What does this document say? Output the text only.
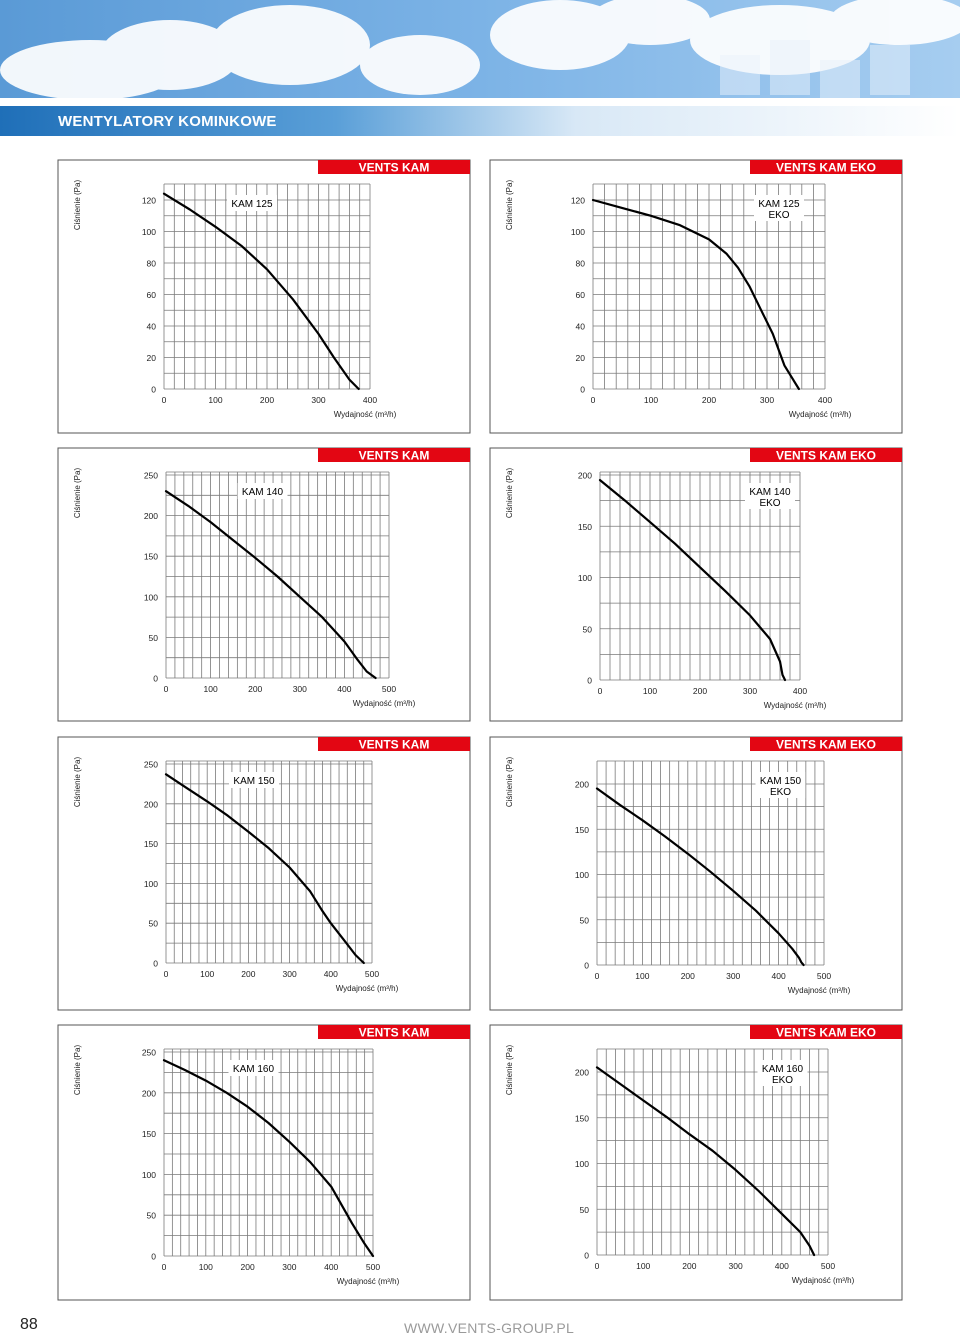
WENTYLATORY KOMINKOWE
VENTS KAM
KAM 125
0
20
40
60
80
100
120
0	100	200	300	400
Ciśnienie (Pa)
Wydajność (m³/h)
VENTS KAM EKO
KAM 125
EKO
0
20
40
60
80
100
120
0	100	200	300	400
Ciśnienie (Pa)
Wydajność (m³/h)
VENTS KAM
KAM 140
0
50
100
150
200
250
0	100	200	300	400	500
Ciśnienie (Pa)
Wydajność (m³/h)
VENTS KAM EKO
KAM 140
EKO
0
50
100
150
200
0	100	200	300	400
Ciśnienie (Pa)
Wydajność (m³/h)
VENTS KAM
KAM 150
0
50
100
150
200
250
0	100	200	300	400	500
Ciśnienie (Pa)
Wydajność (m³/h)
VENTS KAM EKO
KAM 150
EKO
0
50
100
150
200
0	100	200	300	400	500
Ciśnienie (Pa)
Wydajność (m³/h)
VENTS KAM
KAM 160
0
50
100
150
200
250
0	100	200	300	400	500
Ciśnienie (Pa)
Wydajność (m³/h)
VENTS KAM EKO
KAM 160
EKO
0
50
100
150
200
0	100	200	300	400	500
Ciśnienie (Pa)
Wydajność (m³/h)
88	WWW.VENTS-GROUP.PL
